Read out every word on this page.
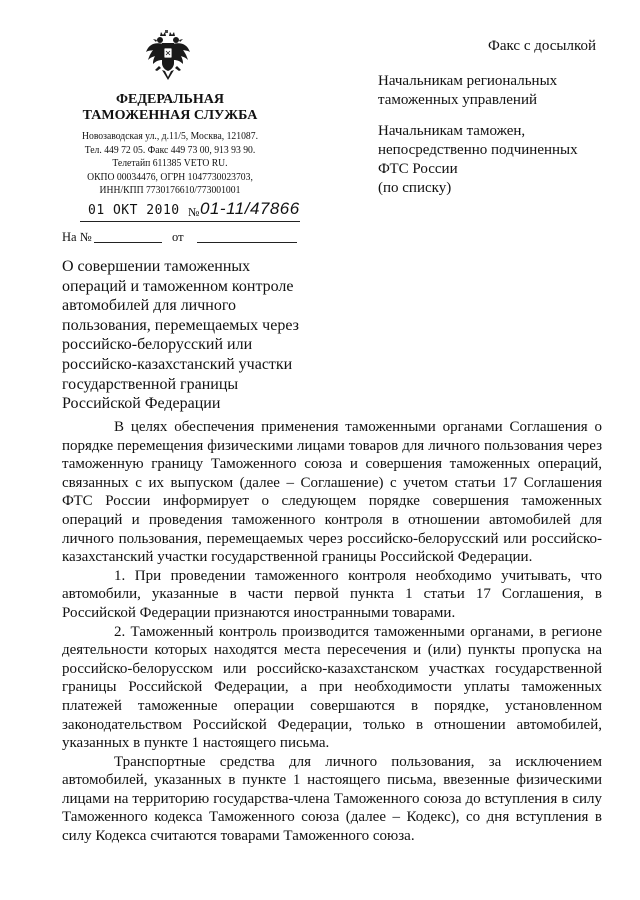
ФЕДЕРАЛЬНАЯ
ТАМОЖЕННАЯ СЛУЖБА
Новозаводская ул., д.11/5, Москва, 121087.
Тел. 449 72 05. Факс 449 73 00, 913 93 90.
Телетайп 611385 VETO RU.
ОКПО 00034476, ОГРН 1047730023703,
ИНН/КПП 7730176610/773001001
01 ОКТ 2010 № 01-11/47866
На №	от
О совершении таможенных
операций и таможенном контроле
автомобилей для личного
пользования, перемещаемых через
российско-белорусский или
российско-казахстанский участки
государственной границы
Российской Федерации
Факс с досылкой
Начальникам региональных
таможенных управлений
Начальникам таможен,
непосредственно подчиненных
ФТС России
(по списку)

В целях обеспечения применения таможенными органами Соглашения о порядке перемещения физическими лицами товаров для личного пользования через таможенную границу Таможенного союза и совершения таможенных операций, связанных с их выпуском (далее – Соглашение) с учетом статьи 17 Соглашения ФТС России информирует о следующем порядке совершения таможенных операций и проведения таможенного контроля в отношении автомобилей для личного пользования, перемещаемых через российско-белорусский или российско-казахстанский участки государственной границы Российской Федерации.

1. При проведении таможенного контроля необходимо учитывать, что автомобили, указанные в части первой пункта 1 статьи 17 Соглашения, в Российской Федерации признаются иностранными товарами.

2. Таможенный контроль производится таможенными органами, в регионе деятельности которых находятся места пересечения и (или) пункты пропуска на российско-белорусском или российско-казахстанском участках государственной границы Российской Федерации, а при необходимости уплаты таможенных платежей таможенные операции совершаются в порядке, установленном законодательством Российской Федерации, только в отношении автомобилей, указанных в пункте 1 настоящего письма.

Транспортные средства для личного пользования, за исключением автомобилей, указанных в пункте 1 настоящего письма, ввезенные физическими лицами на территорию государства-члена Таможенного союза до вступления в силу Таможенного кодекса Таможенного союза (далее – Кодекс), со дня вступления в силу Кодекса считаются товарами Таможенного союза.
